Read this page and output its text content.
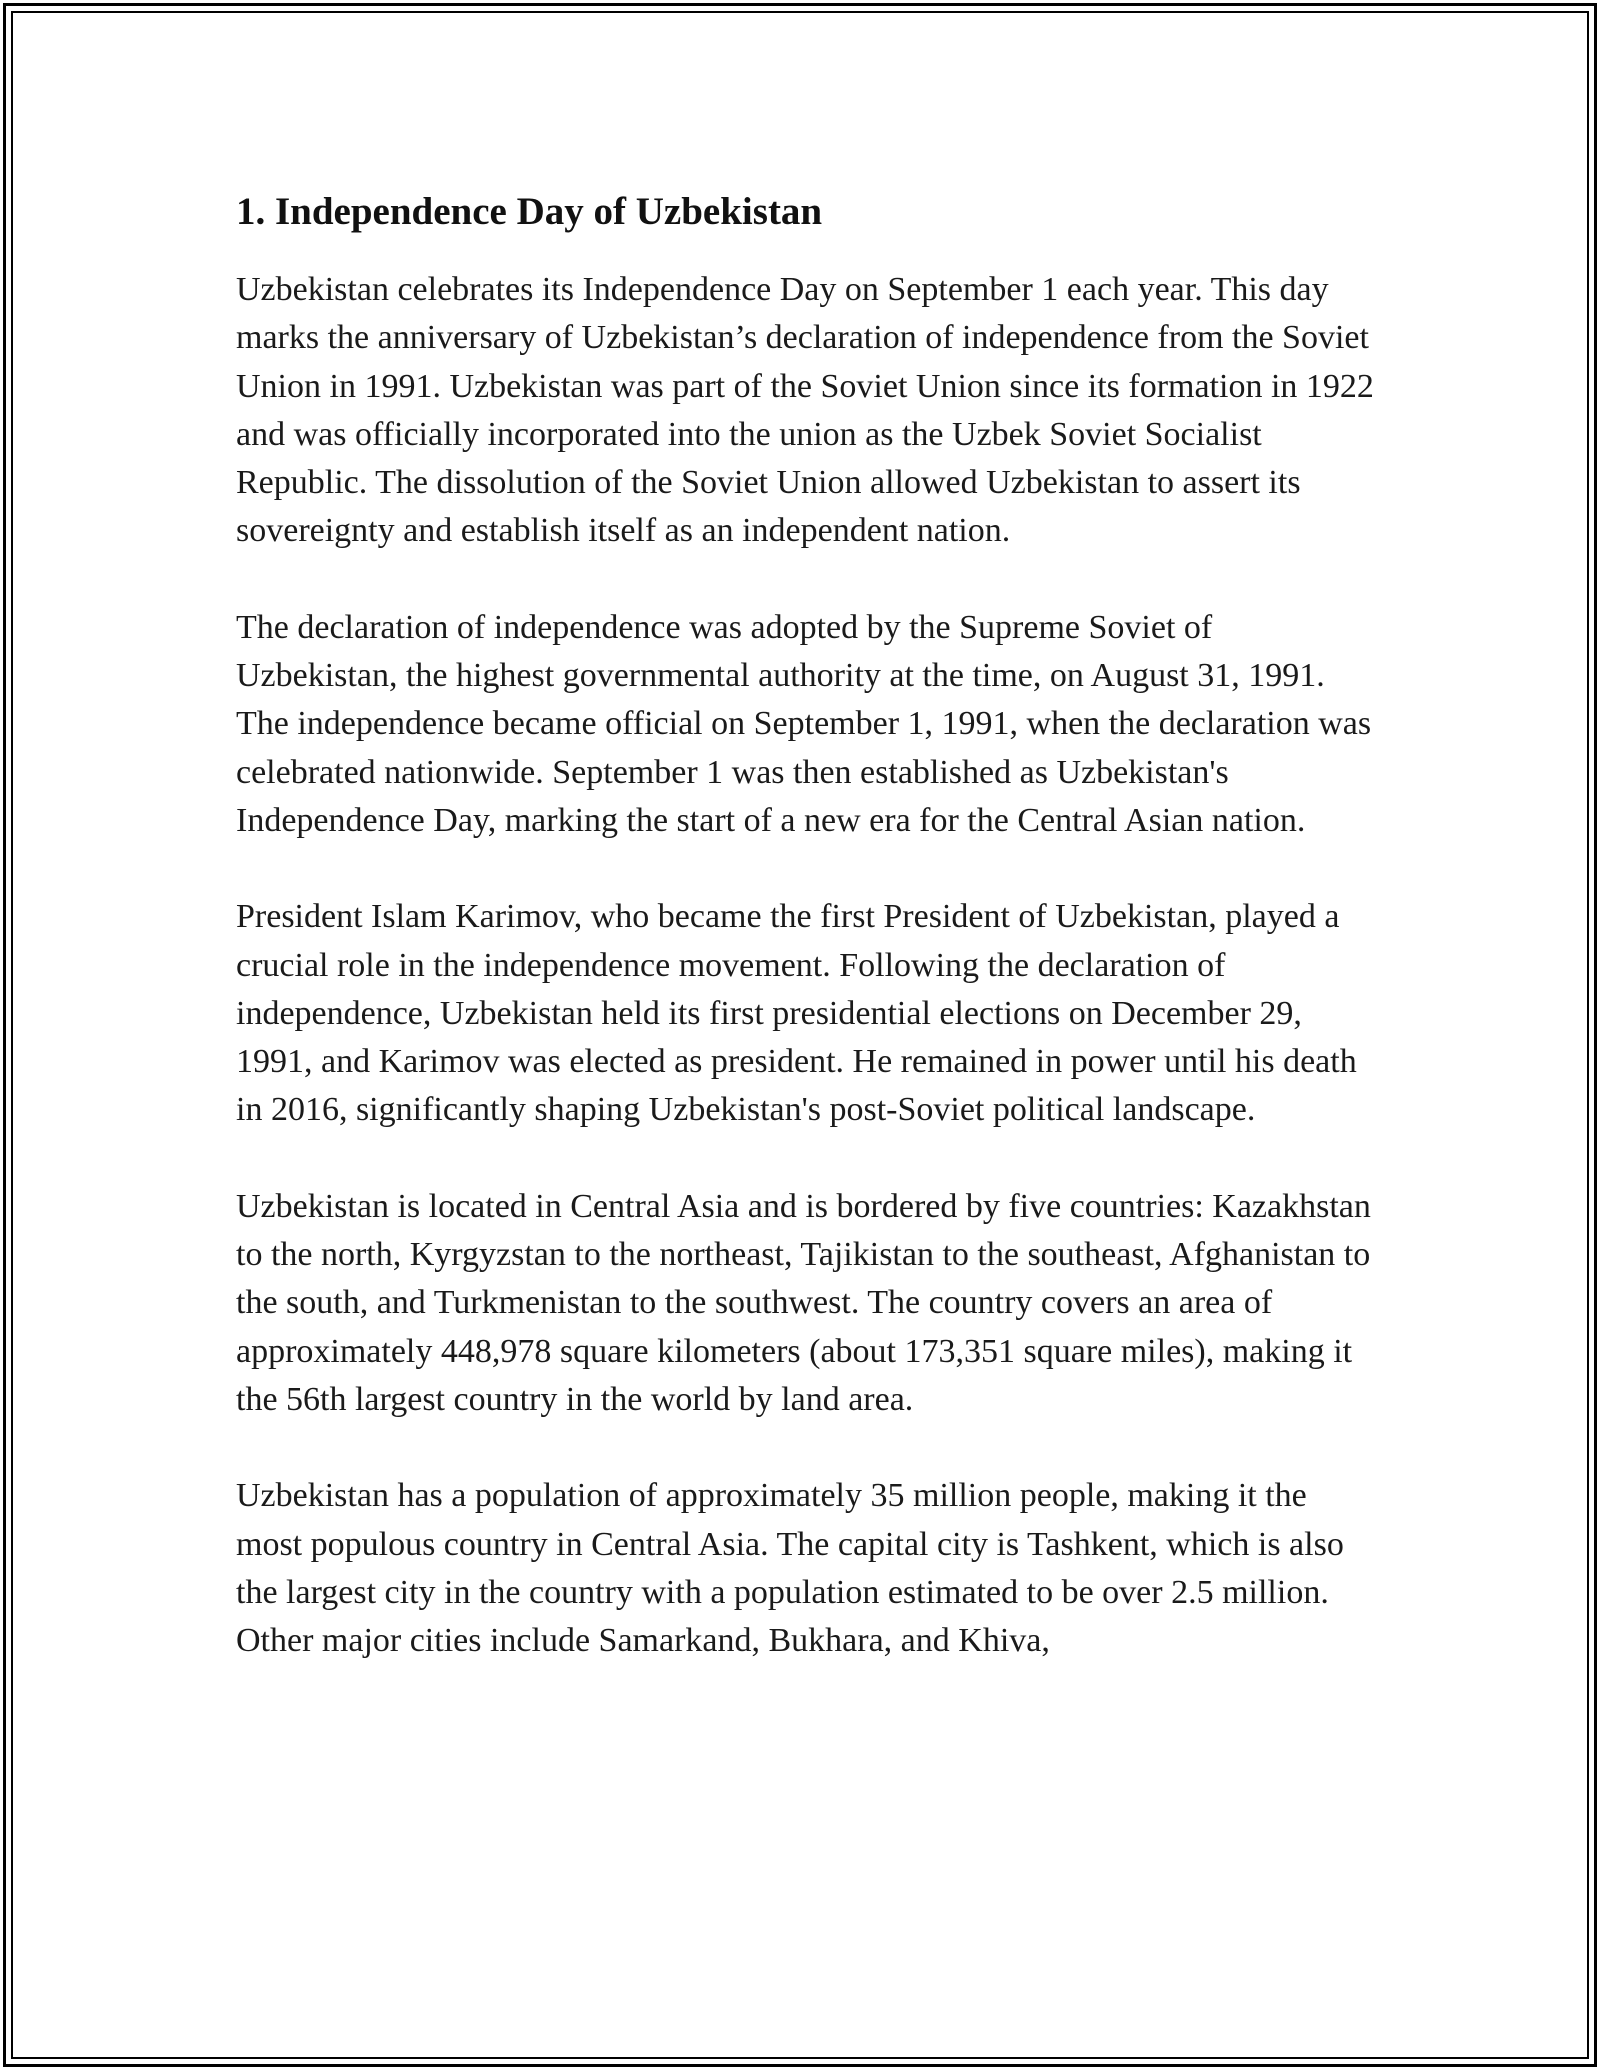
1. Independence Day of Uzbekistan

Uzbekistan celebrates its Independence Day on September 1 each year. This day marks the anniversary of Uzbekistan’s declaration of independence from the Soviet Union in 1991. Uzbekistan was part of the Soviet Union since its formation in 1922 and was officially incorporated into the union as the Uzbek Soviet Socialist Republic. The dissolution of the Soviet Union allowed Uzbekistan to assert its sovereignty and establish itself as an independent nation.

The declaration of independence was adopted by the Supreme Soviet of Uzbekistan, the highest governmental authority at the time, on August 31, 1991. The independence became official on September 1, 1991, when the declaration was celebrated nationwide. September 1 was then established as Uzbekistan's Independence Day, marking the start of a new era for the Central Asian nation.

President Islam Karimov, who became the first President of Uzbekistan, played a crucial role in the independence movement. Following the declaration of independence, Uzbekistan held its first presidential elections on December 29, 1991, and Karimov was elected as president. He remained in power until his death in 2016, significantly shaping Uzbekistan's post-Soviet political landscape.

Uzbekistan is located in Central Asia and is bordered by five countries: Kazakhstan to the north, Kyrgyzstan to the northeast, Tajikistan to the southeast, Afghanistan to the south, and Turkmenistan to the southwest. The country covers an area of approximately 448,978 square kilometers (about 173,351 square miles), making it the 56th largest country in the world by land area.

Uzbekistan has a population of approximately 35 million people, making it the most populous country in Central Asia. The capital city is Tashkent, which is also the largest city in the country with a population estimated to be over 2.5 million. Other major cities include Samarkand, Bukhara, and Khiva,
